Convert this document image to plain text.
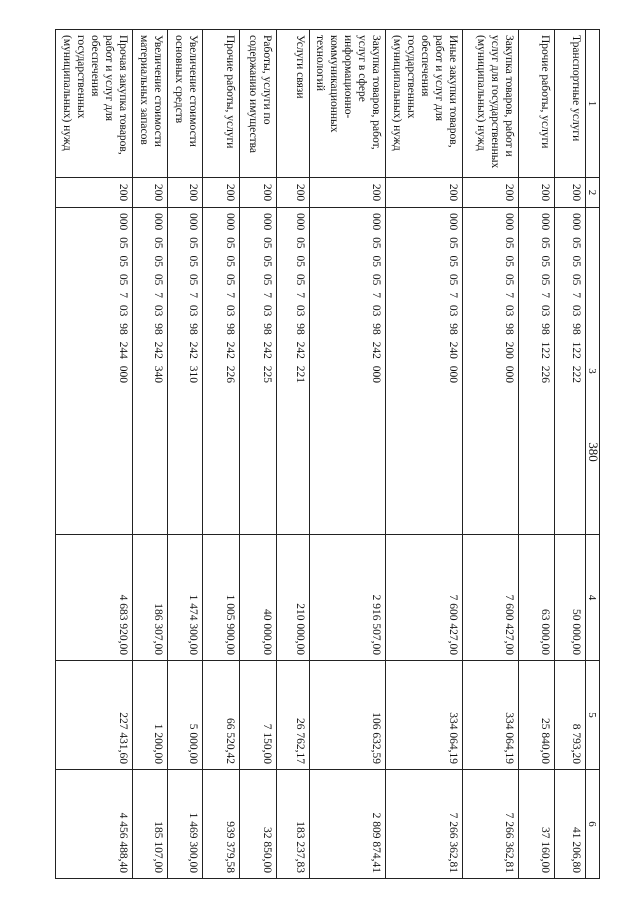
380
1	2	3	4	5	6
Транспортные услуги	200	000 05 05 05 7 03 98 122 222	50 000,00	8 793,20	41 206,80
Прочие работы, услуги	200	000 05 05 05 7 03 98 122 226	63 000,00	25 840,00	37 160,00
Закупка товаров, работ и услуг для государственных (муниципальных) нужд	200	000 05 05 05 7 03 98 200 000	7 600 427,00	334 064,19	7 266 362,81
Иные закупки товаров, работ и услуг для обеспечения государственных (муниципальных) нужд	200	000 05 05 05 7 03 98 240 000	7 600 427,00	334 064,19	7 266 362,81
Закупка товаров, работ, услуг в сфере информационно-коммуникационных технологий	200	000 05 05 05 7 03 98 242 000	2 916 507,00	106 632,59	2 809 874,41
Услуги связи	200	000 05 05 05 7 03 98 242 221	210 000,00	26 762,17	183 237,83
Работы, услуги по содержанию имущества	200	000 05 05 05 7 03 98 242 225	40 000,00	7 150,00	32 850,00
Прочие работы, услуги	200	000 05 05 05 7 03 98 242 226	1 005 900,00	66 520,42	939 379,58
Увеличение стоимости основных средств	200	000 05 05 05 7 03 98 242 310	1 474 300,00	5 000,00	1 469 300,00
Увеличение стоимости материальных запасов	200	000 05 05 05 7 03 98 242 340	186 307,00	1 200,00	185 107,00
Прочая закупка товаров, работ и услуг для обеспечения государственных (муниципальных) нужд	200	000 05 05 05 7 03 98 244 000	4 683 920,00	227 431,60	4 456 488,40
